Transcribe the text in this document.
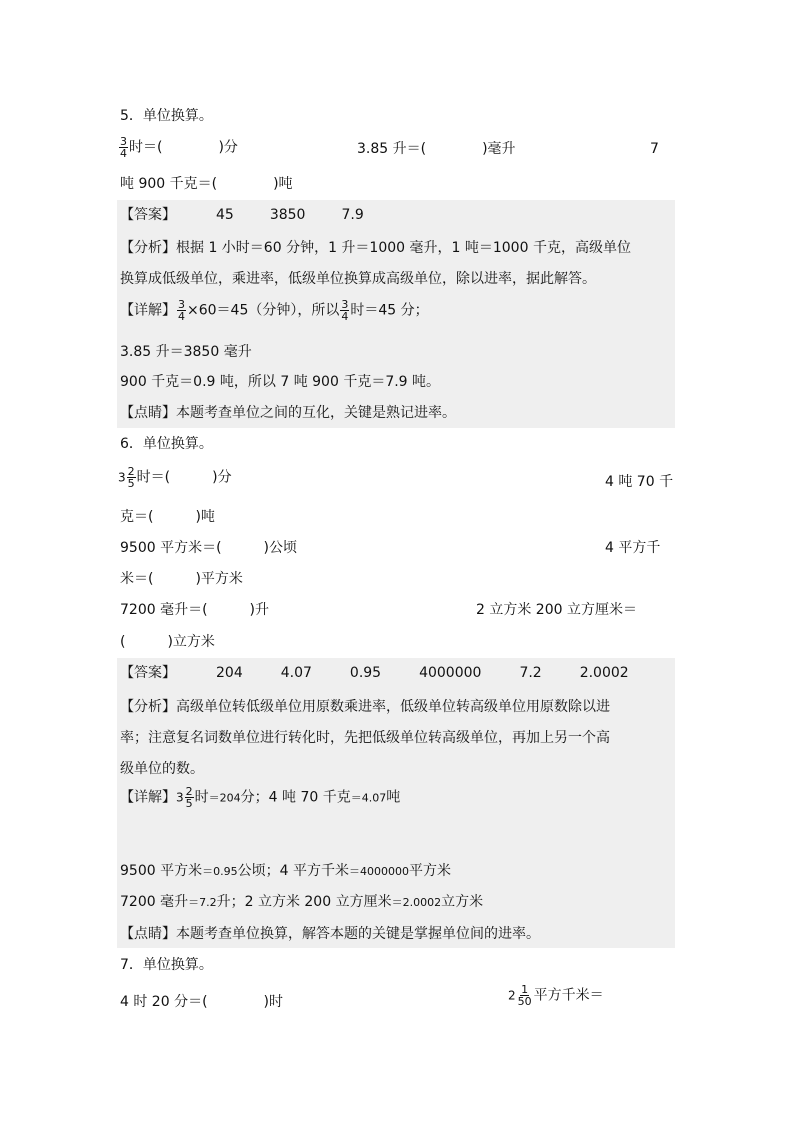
5．单位换算。
$\frac{3}{4}$ 时＝(　　　　)分	3.85 升＝(　　　　)毫升	7
吨 900 千克＝(　　　　)吨
【答案】	45	3850	7.9
【分析】根据 1 小时＝60 分钟，1 升＝1000 毫升，1 吨＝1000 千克，高级单位
换算成低级单位，乘进率，低级单位换算成高级单位，除以进率，据此解答。
【详解】 $\frac{3}{4} \times 60=45$（分钟），所以 $\frac{3}{4}$ 时＝45 分；
3.85 升＝3850 毫升
900 千克＝0.9 吨，所以 7 吨 900 千克＝7.9 吨。
【点睛】本题考查单位之间的互化，关键是熟记进率。
6．单位换算。
$3 \frac{2}{5}$ 时＝(　　　)分	4 吨 70 千
克＝(　　　)吨
9500 平方米＝(　　　)公顷	4 平方千
米＝(　　　)平方米
7200 毫升＝(　　　)升	2 立方米 200 立方厘米＝
(　　　)立方米
【答案】	204	4.07	0.95	4000000	7.2	2.0002
【分析】高级单位转低级单位用原数乘进率，低级单位转高级单位用原数除以进
率；注意复名词数单位进行转化时，先把低级单位转高级单位，再加上另一个高
级单位的数。
【详解】$3 \frac{2}{5}$ 时＝204分；4 吨 70 千克＝4.07吨
9500 平方米＝0.95公顷；4 平方千米＝4000000平方米
7200 毫升＝7.2升；2 立方米 200 立方厘米＝2.0002立方米
【点睛】本题考查单位换算，解答本题的关键是掌握单位间的进率。
7．单位换算。
4 时 20 分＝(　　　　)时	$2 \frac{1}{50}$ 平方千米＝
